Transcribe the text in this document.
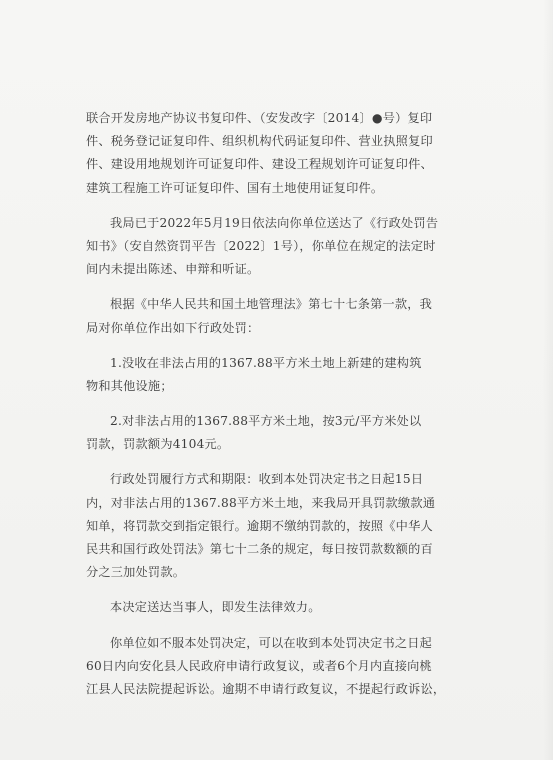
联合开发房地产协议书复印件、（安发改字〔2014〕●号）复印
件、税务登记证复印件、组织机构代码证复印件、营业执照复印
件、建设用地规划许可证复印件、建设工程规划许可证复印件、
建筑工程施工许可证复印件、国有土地使用证复印件。
我局已于2022年5月19日依法向你单位送达了《行政处罚告
知书》（安自然资罚平告〔2022〕1号），你单位在规定的法定时
间内未提出陈述、申辩和听证。
根据《中华人民共和国土地管理法》第七十七条第一款，我
局对你单位作出如下行政处罚：
1.没收在非法占用的1367.88平方米土地上新建的建构筑
物和其他设施；
2.对非法占用的1367.88平方米土地，按3元/平方米处以
罚款，罚款额为4104元。
行政处罚履行方式和期限：收到本处罚决定书之日起15日
内，对非法占用的1367.88平方米土地，来我局开具罚款缴款通
知单，将罚款交到指定银行。逾期不缴纳罚款的，按照《中华人
民共和国行政处罚法》第七十二条的规定，每日按罚款数额的百
分之三加处罚款。
本决定送达当事人，即发生法律效力。
你单位如不服本处罚决定，可以在收到本处罚决定书之日起
60日内向安化县人民政府申请行政复议，或者6个月内直接向桃
江县人民法院提起诉讼。逾期不申请行政复议，不提起行政诉讼，
